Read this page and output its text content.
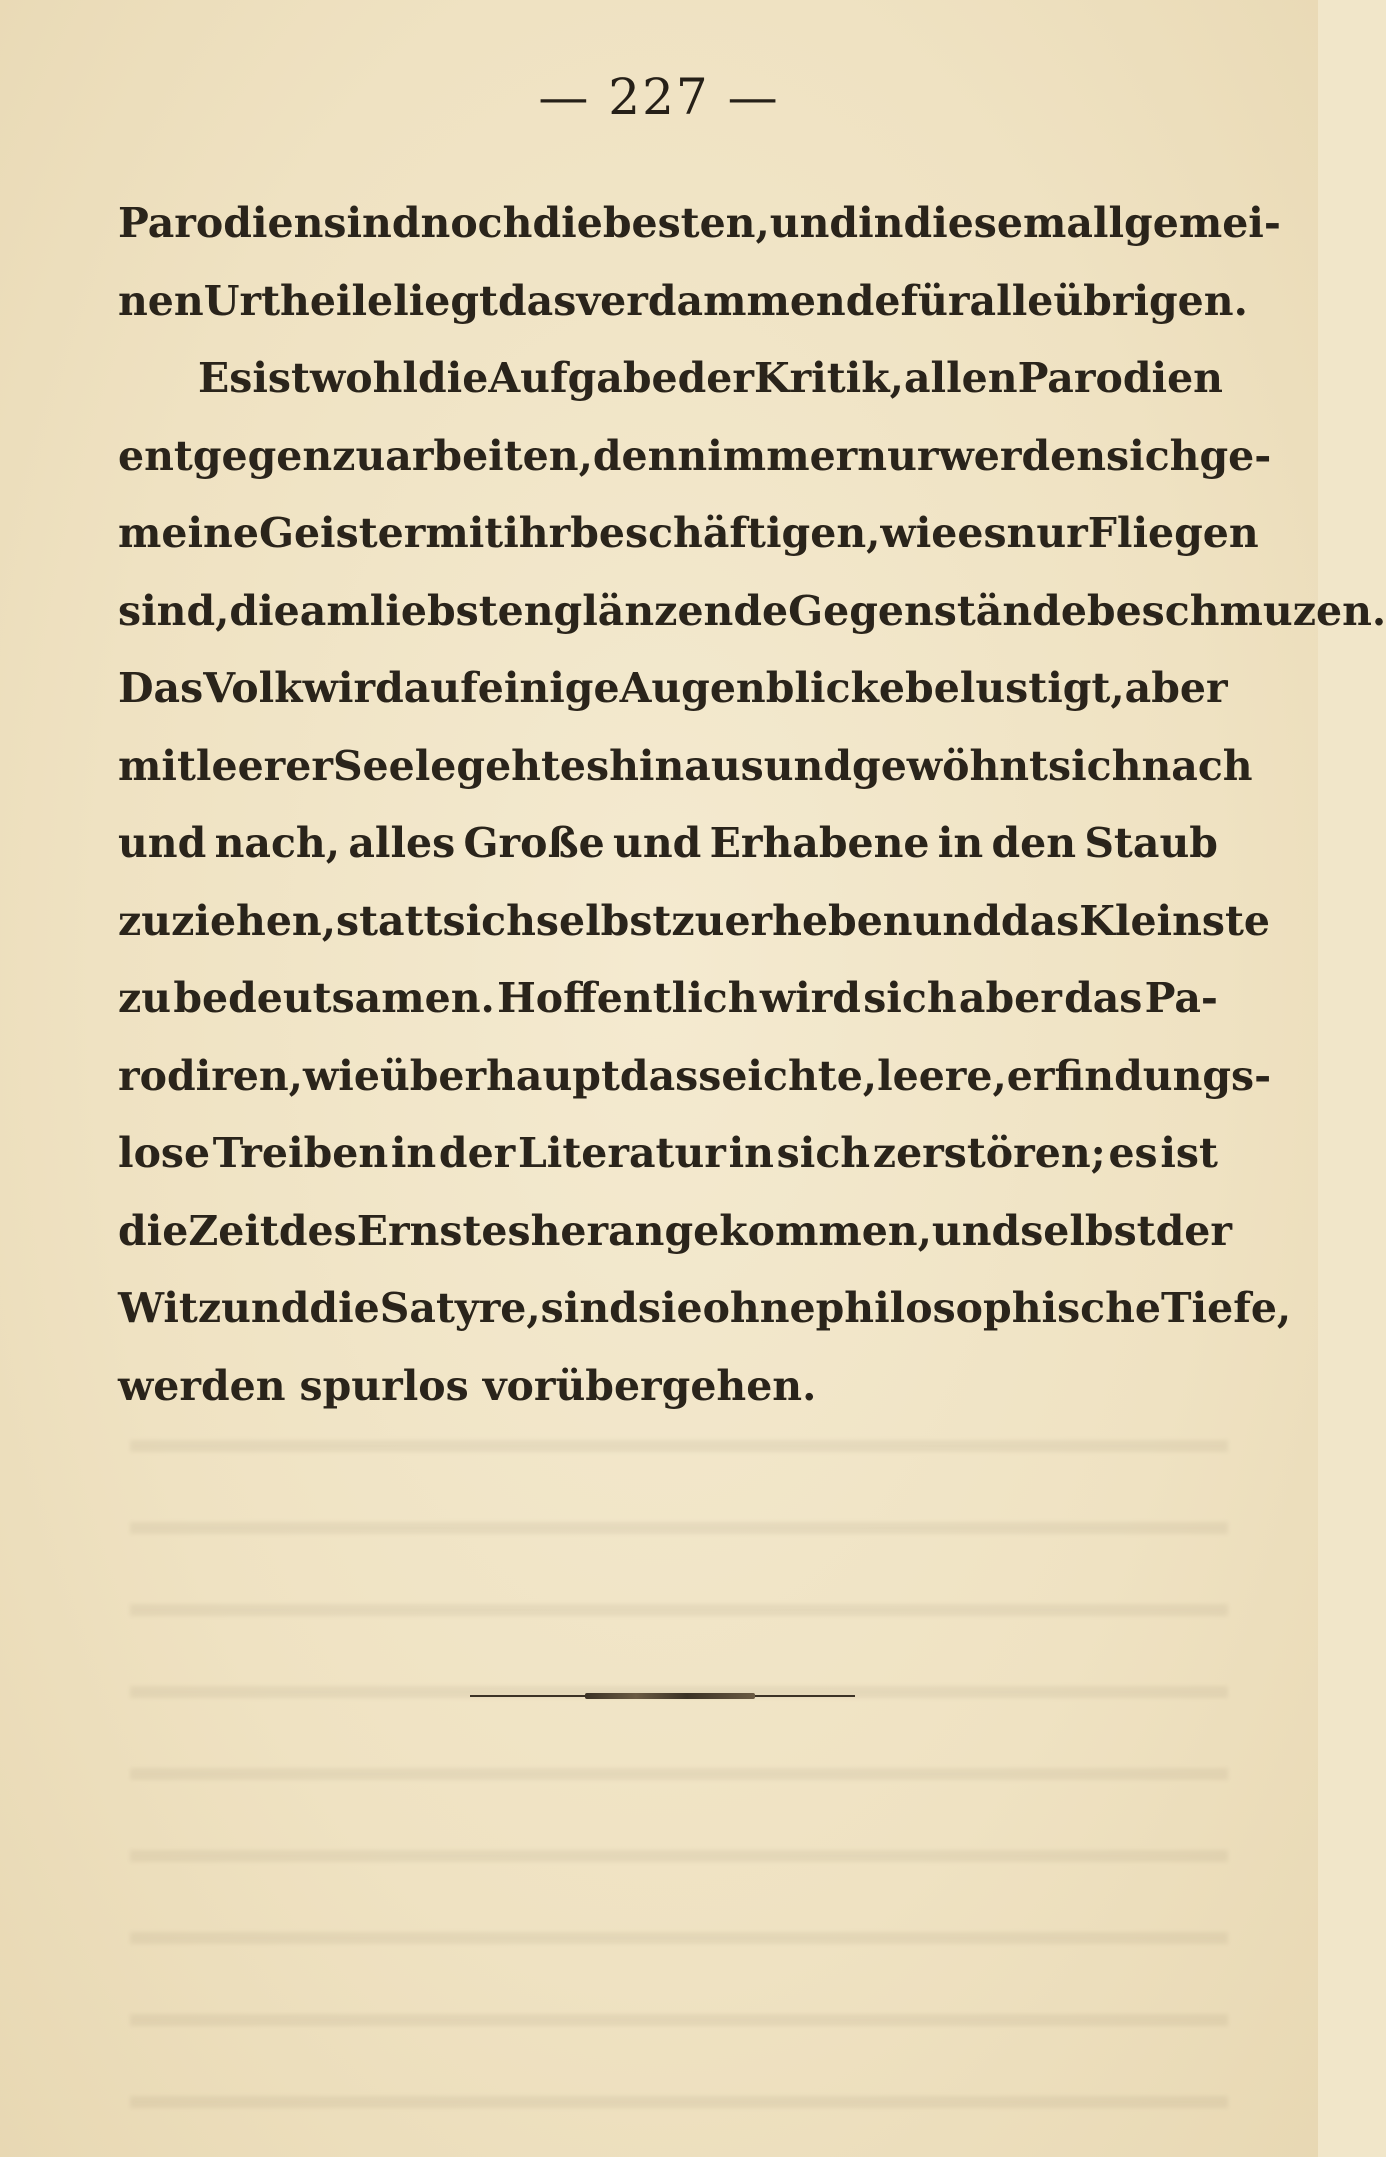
— 227 —
Parodien sind noch die besten, und in diesem allgemei-
nen Urtheile liegt das verdammende für alle übrigen.
Es ist wohl die Aufgabe der Kritik, allen Parodien
entgegen zu arbeiten, denn immer nur werden sich ge-
meine Geister mit ihr beschäftigen, wie es nur Fliegen
sind, die am liebsten glänzende Gegenstände beschmuzen.
Das Volk wird auf einige Augenblicke belustigt, aber
mit leerer Seele geht es hinaus und gewöhnt sich nach
und nach, alles Große und Erhabene in den Staub
zu ziehen, statt sich selbst zu erheben und das Kleinste
zu bedeutsamen. Hoffentlich wird sich aber das Pa-
rodiren, wie überhaupt das seichte, leere, erfindungs-
lose Treiben in der Literatur in sich zerstören; es ist
die Zeit des Ernstes herangekommen, und selbst der
Witz und die Satyre, sind sie ohne philosophische Tiefe,
werden spurlos vorübergehen.
